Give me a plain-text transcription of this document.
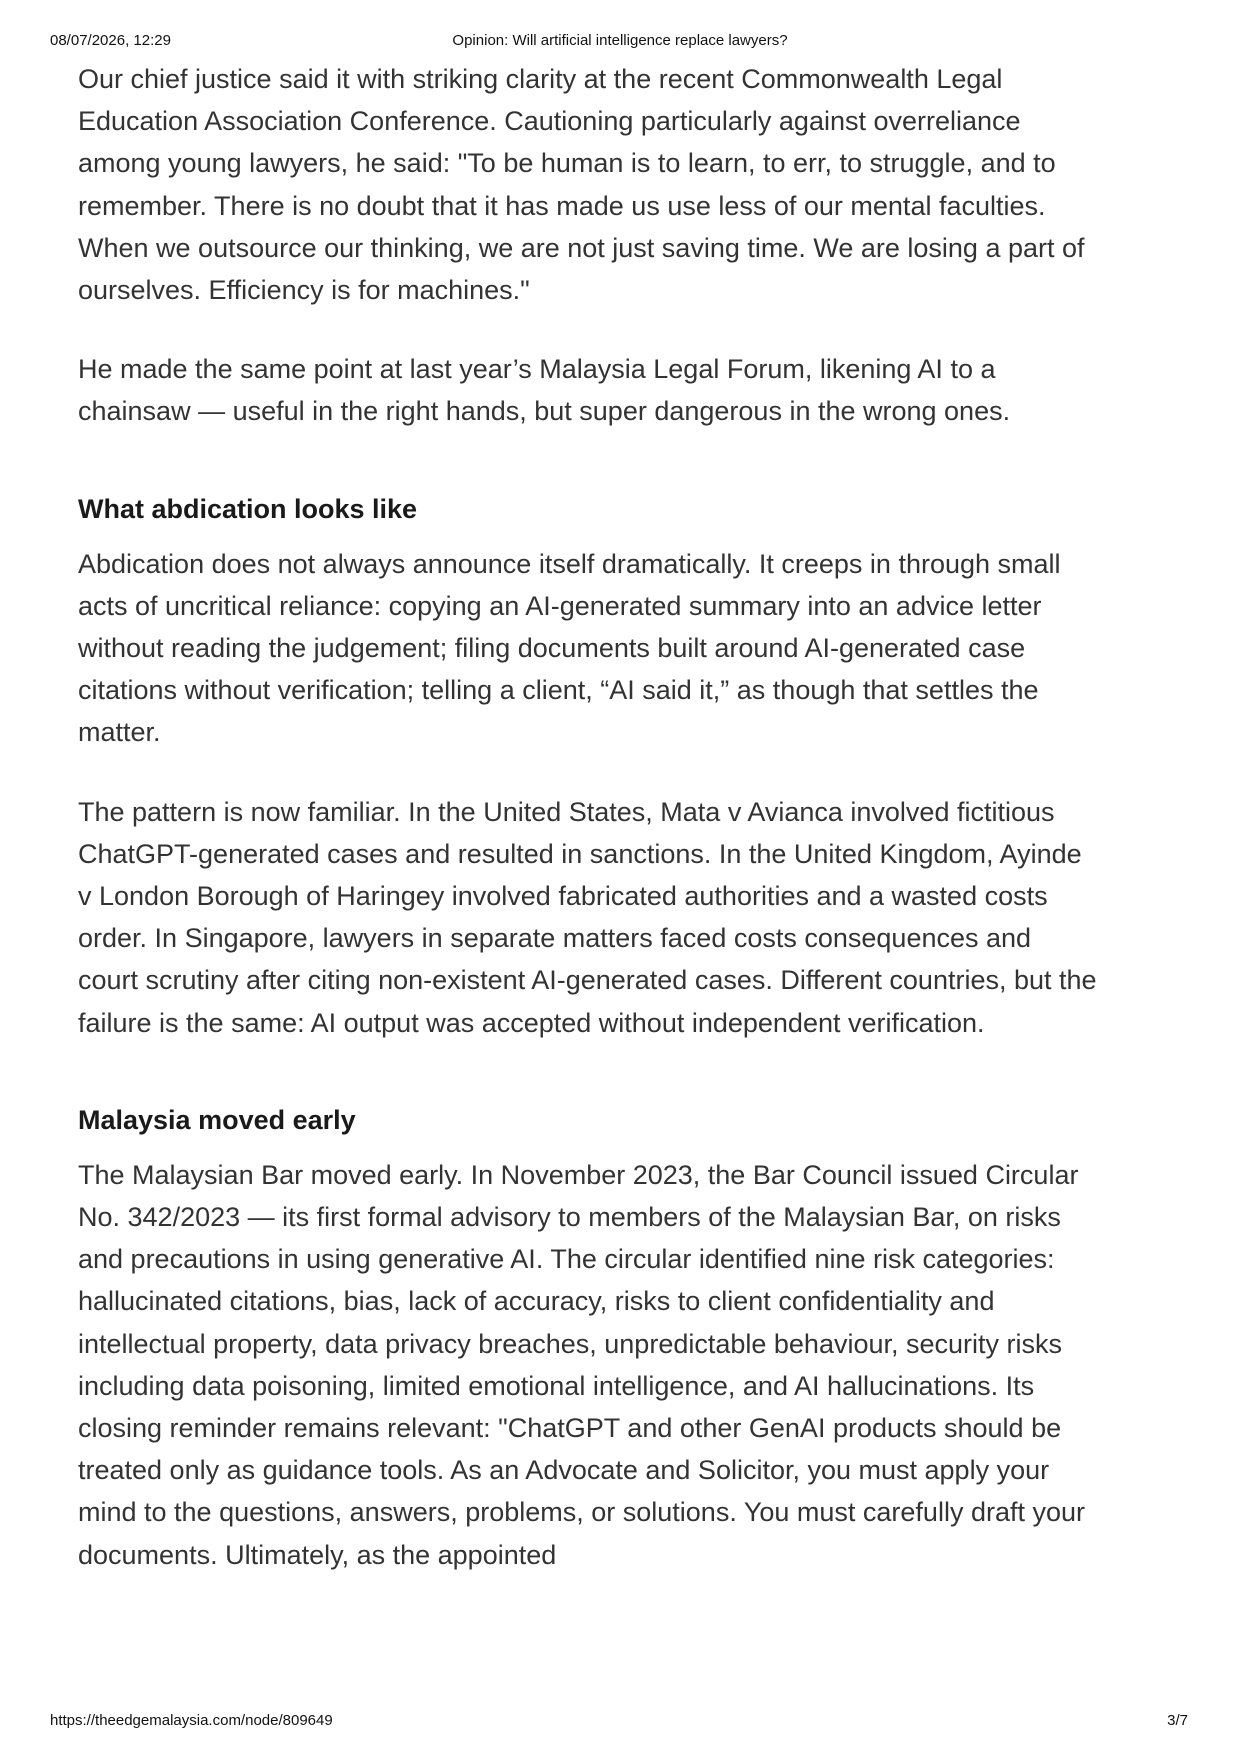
08/07/2026, 12:29	Opinion: Will artificial intelligence replace lawyers?

Our chief justice said it with striking clarity at the recent Commonwealth Legal Education Association Conference. Cautioning particularly against overreliance among young lawyers, he said: "To be human is to learn, to err, to struggle, and to remember. There is no doubt that it has made us use less of our mental faculties. When we outsource our thinking, we are not just saving time. We are losing a part of ourselves. Efficiency is for machines."

He made the same point at last year’s Malaysia Legal Forum, likening AI to a chainsaw — useful in the right hands, but super dangerous in the wrong ones.

What abdication looks like

Abdication does not always announce itself dramatically. It creeps in through small acts of uncritical reliance: copying an AI-generated summary into an advice letter without reading the judgement; filing documents built around AI-generated case citations without verification; telling a client, “AI said it,” as though that settles the matter.

The pattern is now familiar. In the United States, Mata v Avianca involved fictitious ChatGPT-generated cases and resulted in sanctions. In the United Kingdom, Ayinde v London Borough of Haringey involved fabricated authorities and a wasted costs order. In Singapore, lawyers in separate matters faced costs consequences and court scrutiny after citing non-existent AI-generated cases. Different countries, but the failure is the same: AI output was accepted without independent verification.

Malaysia moved early

The Malaysian Bar moved early. In November 2023, the Bar Council issued Circular No. 342/2023 — its first formal advisory to members of the Malaysian Bar, on risks and precautions in using generative AI. The circular identified nine risk categories: hallucinated citations, bias, lack of accuracy, risks to client confidentiality and intellectual property, data privacy breaches, unpredictable behaviour, security risks including data poisoning, limited emotional intelligence, and AI hallucinations. Its closing reminder remains relevant: "ChatGPT and other GenAI products should be treated only as guidance tools. As an Advocate and Solicitor, you must apply your mind to the questions, answers, problems, or solutions. You must carefully draft your documents. Ultimately, as the appointed

https://theedgemalaysia.com/node/809649	3/7
